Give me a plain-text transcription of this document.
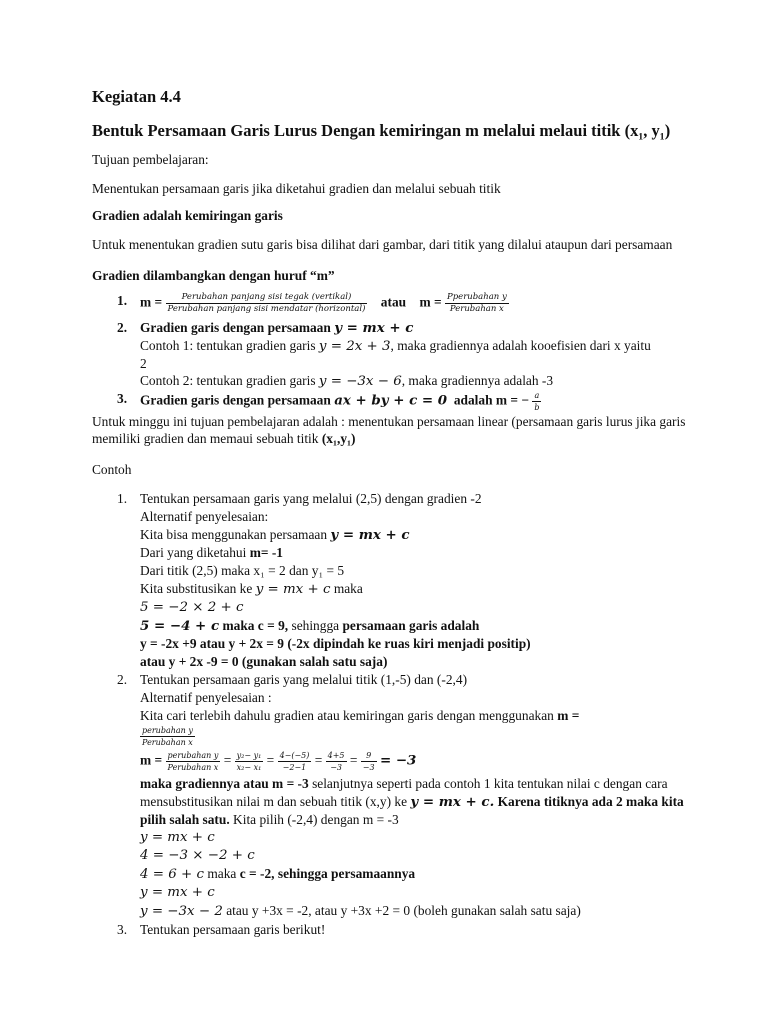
Kegiatan 4.4

Bentuk Persamaan Garis Lurus Dengan kemiringan m melalui melaui titik (x₁, y₁)

Tujuan pembelajaran:

Menentukan persamaan garis jika diketahui gradien dan melalui sebuah titik

Gradien adalah kemiringan garis

Untuk menentukan gradien sutu garis bisa dilihat dari gambar, dari titik yang dilalui ataupun dari persamaan

Gradien dilambangkan dengan huruf “m”

1. $m = \frac{\text{Perubahan panjang sisi tegak (vertikal)}}{\text{Perubahan panjang sisi mendatar (horizontal)}}$ atau $m = \frac{\text{Pperubahan y}}{\text{Perubahan x}}$
2. Gradien garis dengan persamaan y = mx + c
Contoh 1: tentukan gradien garis y = 2x + 3, maka gradiennya adalah kooefisien dari x yaitu
2
Contoh 2: tentukan gradien garis y = −3x − 6, maka gradiennya adalah -3
3. Gradien garis dengan persamaan ax + by + c = 0 adalah m = − $\frac{a}{b}$

Untuk minggu ini tujuan pembelajaran adalah : menentukan persamaan linear (persamaan garis lurus jika garis memiliki gradien dan memaui sebuah titik (x₁,y₁)

Contoh

1. Tentukan persamaan garis yang melalui (2,5) dengan gradien -2
Alternatif penyelesaian:
Kita bisa menggunakan persamaan y = mx + c
Dari yang diketahui m= -1
Dari titik (2,5) maka x₁ = 2 dan y₁ = 5
Kita substitusikan ke y = mx + c maka
5 = −2 × 2 + c
5 = −4 + c maka c = 9, sehingga persamaan garis adalah
y = -2x +9 atau y + 2x = 9 (-2x dipindah ke ruas kiri menjadi positip)
atau y + 2x -9 = 0 (gunakan salah satu saja)
2. Tentukan persamaan garis yang melalui titik (1,-5) dan (-2,4)
Alternatif penyelesaian :
Kita cari terlebih dahulu gradien atau kemiringan garis dengan menggunakan m =
$\frac{\text{perubahan y}}{\text{Perubahan x}}$
$m = \frac{\text{perubahan y}}{\text{Perubahan x}} = \frac{\text{y₂− y₁}}{\text{x₂− x₁}} = \frac{4-(-5)}{-2-1} = \frac{4+5}{-3} = \frac{9}{-3} = -3$
maka gradiennya atau m = -3 selanjutnya seperti pada contoh 1 kita tentukan nilai c dengan cara mensubstitusikan nilai m dan sebuah titik (x,y) ke y = mx + c. Karena titiknya ada 2 maka kita pilih salah satu. Kita pilih (-2,4) dengan m = -3
y = mx + c
4 = −3 × −2 + c
4 = 6 + c maka c = -2, sehingga persamaannya
y = mx + c
y = −3x − 2 atau y +3x = -2, atau y +3x +2 = 0 (boleh gunakan salah satu saja)
3. Tentukan persamaan garis berikut!
